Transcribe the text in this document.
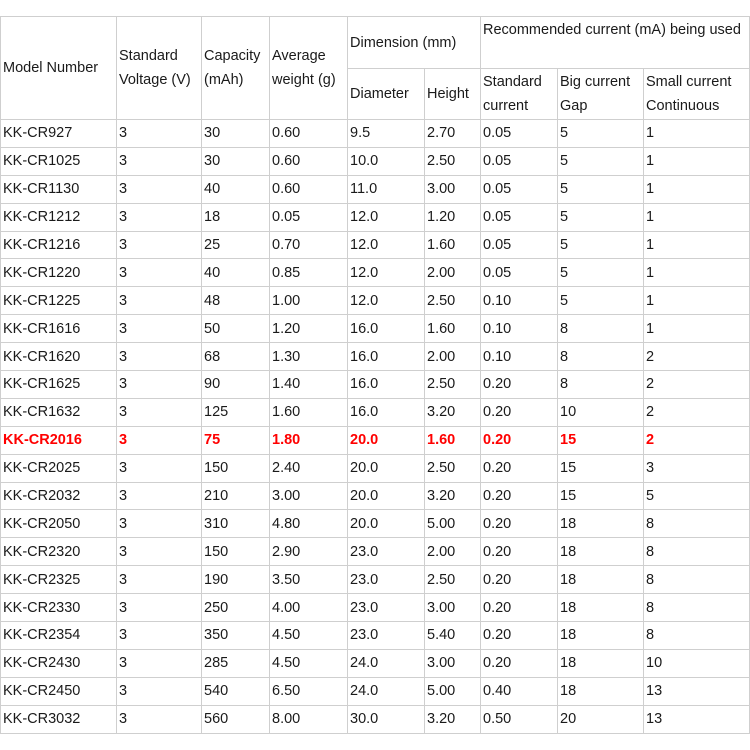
Model Number	Standard Voltage (V)	Capacity (mAh)	Average weight (g)	Dimension (mm)		Recommended current (mA) being used		
				Diameter	Height	Standard current	Big current Gap	Small current Continuous
KK-CR927	3	30	0.60	9.5	2.70	0.05	5	1
KK-CR1025	3	30	0.60	10.0	2.50	0.05	5	1
KK-CR1130	3	40	0.60	11.0	3.00	0.05	5	1
KK-CR1212	3	18	0.05	12.0	1.20	0.05	5	1
KK-CR1216	3	25	0.70	12.0	1.60	0.05	5	1
KK-CR1220	3	40	0.85	12.0	2.00	0.05	5	1
KK-CR1225	3	48	1.00	12.0	2.50	0.10	5	1
KK-CR1616	3	50	1.20	16.0	1.60	0.10	8	1
KK-CR1620	3	68	1.30	16.0	2.00	0.10	8	2
KK-CR1625	3	90	1.40	16.0	2.50	0.20	8	2
KK-CR1632	3	125	1.60	16.0	3.20	0.20	10	2
KK-CR2016	3	75	1.80	20.0	1.60	0.20	15	2
KK-CR2025	3	150	2.40	20.0	2.50	0.20	15	3
KK-CR2032	3	210	3.00	20.0	3.20	0.20	15	5
KK-CR2050	3	310	4.80	20.0	5.00	0.20	18	8
KK-CR2320	3	150	2.90	23.0	2.00	0.20	18	8
KK-CR2325	3	190	3.50	23.0	2.50	0.20	18	8
KK-CR2330	3	250	4.00	23.0	3.00	0.20	18	8
KK-CR2354	3	350	4.50	23.0	5.40	0.20	18	8
KK-CR2430	3	285	4.50	24.0	3.00	0.20	18	10
KK-CR2450	3	540	6.50	24.0	5.00	0.40	18	13
KK-CR3032	3	560	8.00	30.0	3.20	0.50	20	13
